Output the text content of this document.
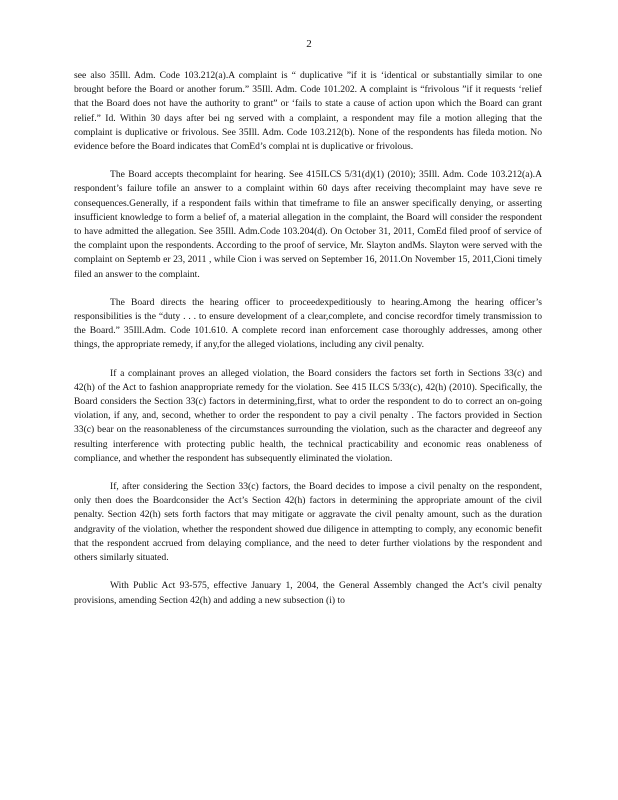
2

see also 35Ill. Adm. Code 103.212(a).A complaint is “ duplicative ”if it is ‘identical or substantially similar to one brought before the Board or another forum.” 35Ill. Adm. Code 101.202. A complaint is “frivolous ”if it requests ‘relief that the Board does not have the authority to grant” or ‘fails to state a cause of action upon which the Board can grant relief.” Id. Within 30 days after bei ng served with a complaint, a respondent may file a motion alleging that the complaint is duplicative or frivolous. See 35Ill. Adm. Code 103.212(b). None of the respondents has fileda motion. No evidence before the Board indicates that ComEd’s complai nt is duplicative or frivolous.

The Board accepts thecomplaint for hearing. See 415ILCS 5/31(d)(1) (2010); 35Ill. Adm. Code 103.212(a).A respondent’s failure tofile an answer to a complaint within 60 days after receiving thecomplaint may have seve re consequences.Generally, if a respondent fails within that timeframe to file an answer specifically denying, or asserting insufficient knowledge to form a belief of, a material allegation in the complaint, the Board will consider the respondent to have admitted the allegation. See 35Ill. Adm.Code 103.204(d). On October 31, 2011, ComEd filed proof of service of the complaint upon the respondents. According to the proof of service, Mr. Slayton andMs. Slayton were served with the complaint on Septemb er 23, 2011 , while Cion i was served on September 16, 2011.On November 15, 2011,Cioni timely filed an answer to the complaint.

The Board directs the hearing officer to proceedexpeditiously to hearing.Among the hearing officer’s responsibilities is the “duty . . . to ensure development of a clear,complete, and concise recordfor timely transmission to the Board.” 35Ill.Adm. Code 101.610. A complete record inan enforcement case thoroughly addresses, among other things, the appropriate remedy, if any,for the alleged violations, including any civil penalty.

If a complainant proves an alleged violation, the Board considers the factors set forth in Sections 33(c) and 42(h) of the Act to fashion anappropriate remedy for the violation. See 415 ILCS 5/33(c), 42(h) (2010). Specifically, the Board considers the Section 33(c) factors in determining,first, what to order the respondent to do to correct an on-going violation, if any, and, second, whether to order the respondent to pay a civil penalty . The factors provided in Section 33(c) bear on the reasonableness of the circumstances surrounding the violation, such as the character and degreeof any resulting interference with protecting public health, the technical practicability and economic reas onableness of compliance, and whether the respondent has subsequently eliminated the violation.

If, after considering the Section 33(c) factors, the Board decides to impose a civil penalty on the respondent, only then does the Boardconsider the Act’s Section 42(h) factors in determining the appropriate amount of the civil penalty. Section 42(h) sets forth factors that may mitigate or aggravate the civil penalty amount, such as the duration andgravity of the violation, whether the respondent showed due diligence in attempting to comply, any economic benefit that the respondent accrued from delaying compliance, and the need to deter further violations by the respondent and others similarly situated.

With Public Act 93-575, effective January 1, 2004, the General Assembly changed the Act’s civil penalty provisions, amending Section 42(h) and adding a new subsection (i) to
